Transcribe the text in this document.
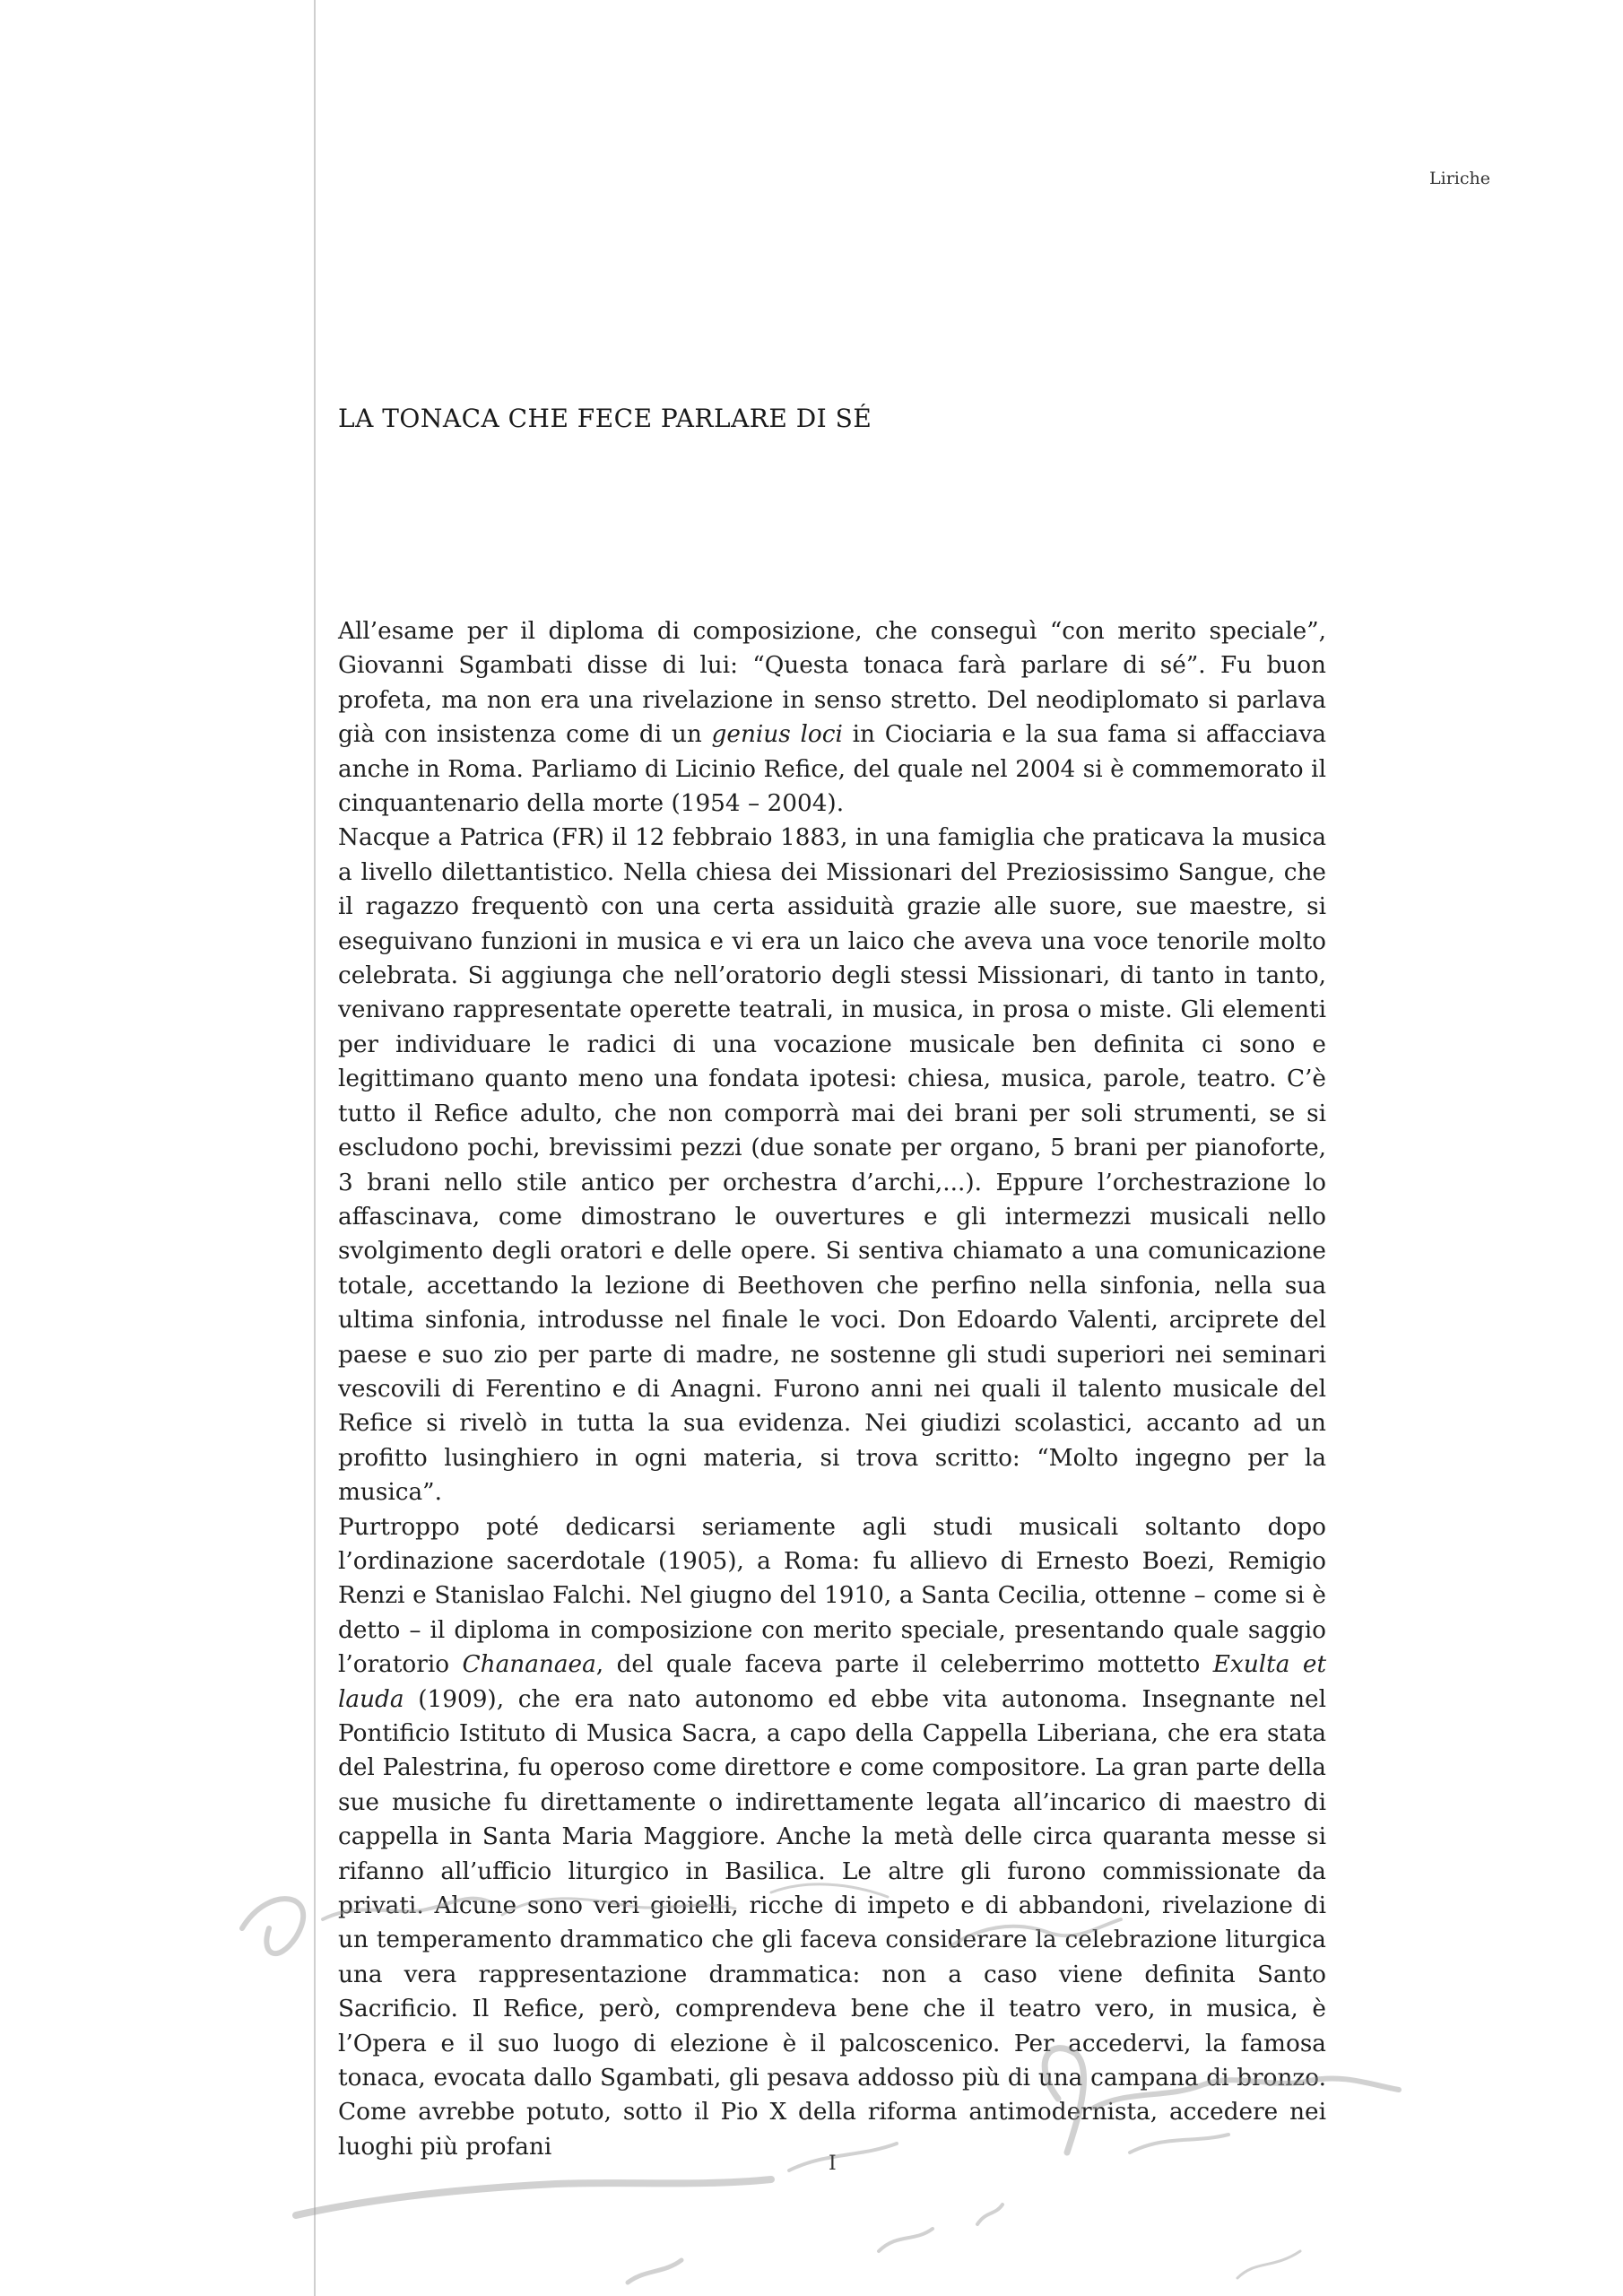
Liriche
LA TONACA CHE FECE PARLARE DI SÉ

All’esame per il diploma di composizione, che conseguì “con merito speciale”, Giovanni Sgambati disse di lui: “Questa tonaca farà parlare di sé”. Fu buon profeta, ma non era una rivelazione in senso stretto. Del neodiplomato si parlava già con insistenza come di un genius loci in Ciociaria e la sua fama si affacciava anche in Roma. Parliamo di Licinio Refice, del quale nel 2004 si è commemorato il cinquantenario della morte (1954 – 2004).

Nacque a Patrica (FR) il 12 febbraio 1883, in una famiglia che praticava la musica a livello dilettantistico. Nella chiesa dei Missionari del Preziosissimo Sangue, che il ragazzo frequentò con una certa assiduità grazie alle suore, sue maestre, si eseguivano funzioni in musica e vi era un laico che aveva una voce tenorile molto celebrata. Si aggiunga che nell’oratorio degli stessi Missionari, di tanto in tanto, venivano rappresentate operette teatrali, in musica, in prosa o miste. Gli elementi per individuare le radici di una vocazione musicale ben definita ci sono e legittimano quanto meno una fondata ipotesi: chiesa, musica, parole, teatro. C’è tutto il Refice adulto, che non comporrà mai dei brani per soli strumenti, se si escludono pochi, brevissimi pezzi (due sonate per organo, 5 brani per pianoforte, 3 brani nello stile antico per orchestra d’archi,...). Eppure l’orchestrazione lo affascinava, come dimostrano le ouvertures e gli intermezzi musicali nello svolgimento degli oratori e delle opere. Si sentiva chiamato a una comunicazione totale, accettando la lezione di Beethoven che perfino nella sinfonia, nella sua ultima sinfonia, introdusse nel finale le voci. Don Edoardo Valenti, arciprete del paese e suo zio per parte di madre, ne sostenne gli studi superiori nei seminari vescovili di Ferentino e di Anagni. Furono anni nei quali il talento musicale del Refice si rivelò in tutta la sua evidenza. Nei giudizi scolastici, accanto ad un profitto lusinghiero in ogni materia, si trova scritto: “Molto ingegno per la musica”.

Purtroppo poté dedicarsi seriamente agli studi musicali soltanto dopo l’ordinazione sacerdotale (1905), a Roma: fu allievo di Ernesto Boezi, Remigio Renzi e Stanislao Falchi. Nel giugno del 1910, a Santa Cecilia, ottenne – come si è detto – il diploma in composizione con merito speciale, presentando quale saggio l’oratorio Chananaea, del quale faceva parte il celeberrimo mottetto Exulta et lauda (1909), che era nato autonomo ed ebbe vita autonoma. Insegnante nel Pontificio Istituto di Musica Sacra, a capo della Cappella Liberiana, che era stata del Palestrina, fu operoso come direttore e come compositore. La gran parte della sue musiche fu direttamente o indirettamente legata all’incarico di maestro di cappella in Santa Maria Maggiore. Anche la metà delle circa quaranta messe si rifanno all’ufficio liturgico in Basilica. Le altre gli furono commissionate da privati. Alcune sono veri gioielli, ricche di impeto e di abbandoni, rivelazione di un temperamento drammatico che gli faceva considerare la celebrazione liturgica una vera rappresentazione drammatica: non a caso viene definita Santo Sacrificio. Il Refice, però, comprendeva bene che il teatro vero, in musica, è l’Opera e il suo luogo di elezione è il palcoscenico. Per accedervi, la famosa tonaca, evocata dallo Sgambati, gli pesava addosso più di una campana di bronzo. Come avrebbe potuto, sotto il Pio X della riforma antimodernista, accedere nei luoghi più profani

I
